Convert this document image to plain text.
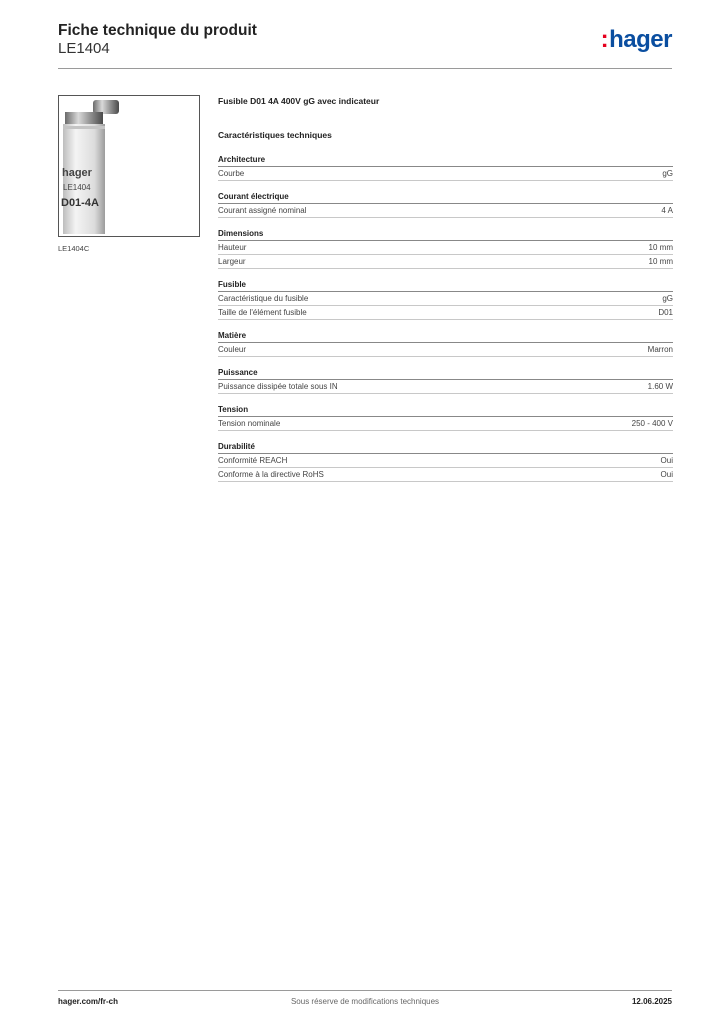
Fiche technique du produit
LE1404	:hager
hager
LE1404
D01-4A
LE1404C
Fusible D01 4A 400V gG avec indicateur
Caractéristiques techniques
Architecture
Courbe	gG
Courant électrique
Courant assigné nominal	4 A
Dimensions
Hauteur	10 mm
Largeur	10 mm
Fusible
Caractéristique du fusible	gG
Taille de l'élément fusible	D01
Matière
Couleur	Marron
Puissance
Puissance dissipée totale sous IN	1.60 W
Tension
Tension nominale	250 - 400 V
Durabilité
Conformité REACH	Oui
Conforme à la directive RoHS	Oui
hager.com/fr-ch	Sous réserve de modifications techniques	12.06.2025
